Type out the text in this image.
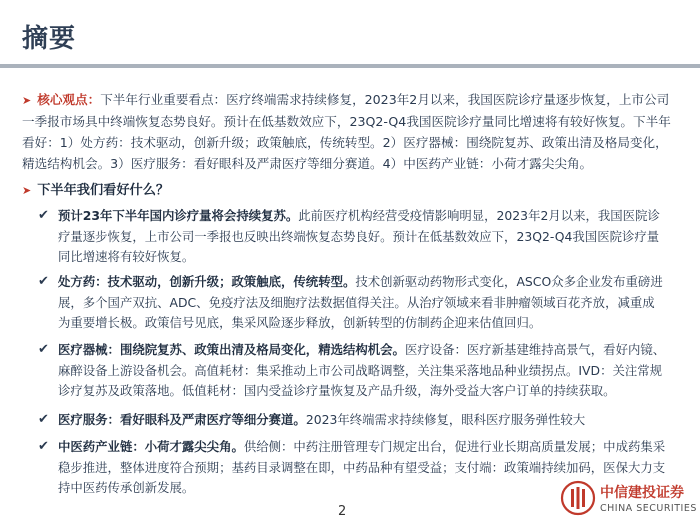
摘要
➤ 核心观点：下半年行业重要看点：医疗终端需求持续修复，2023年2月以来，我国医院诊疗量逐步恢复，上市公司一季报市场具中终端恢复态势良好。预计在低基数效应下，23Q2-Q4我国医院诊疗量同比增速将有较好恢复。下半年看好：1）处方药：技术驱动，创新升级；政策触底，传统转型。2）医疗器械：围绕院复苏、政策出清及格局变化，精选结构机会。3）医疗服务：看好眼科及严肃医疗等细分赛道。4）中医药产业链：小荷才露尖尖角。
➤ 下半年我们看好什么？
✔ 预计23年下半年国内诊疗量将会持续复苏。此前医疗机构经营受疫情影响明显，2023年2月以来，我国医院诊疗量逐步恢复，上市公司一季报也反映出终端恢复态势良好。预计在低基数效应下，23Q2-Q4我国医院诊疗量同比增速将有较好恢复。
✔ 处方药：技术驱动，创新升级；政策触底，传统转型。技术创新驱动药物形式变化，ASCO众多企业发布重磅进展，多个国产双抗、ADC、免疫疗法及细胞疗法数据值得关注。从治疗领域来看非肿瘤领域百花齐放，减重成为重要增长极。政策信号见底，集采风险逐步释放，创新转型的仿制药企迎来估值回归。
✔ 医疗器械：围绕院复苏、政策出清及格局变化，精选结构机会。医疗设备：医疗新基建维持高景气，看好内镜、麻醉设备上游设备机会。高值耗材：集采推动上市公司战略调整，关注集采落地品种业绩拐点。IVD：关注常规诊疗复苏及政策落地。低值耗材：国内受益诊疗量恢复及产品升级，海外受益大客户订单的持续获取。
✔ 医疗服务：看好眼科及严肃医疗等细分赛道。2023年终端需求持续修复，眼科医疗服务弹性较大
✔ 中医药产业链：小荷才露尖尖角。供给侧：中药注册管理专门规定出台，促进行业长期高质量发展；中成药集采稳步推进，整体进度符合预期；基药目录调整在即，中药品种有望受益；支付端：政策端持续加码，医保大力支持中医药传承创新发展。
2
中信建投证券
CHINA SECURITIES
